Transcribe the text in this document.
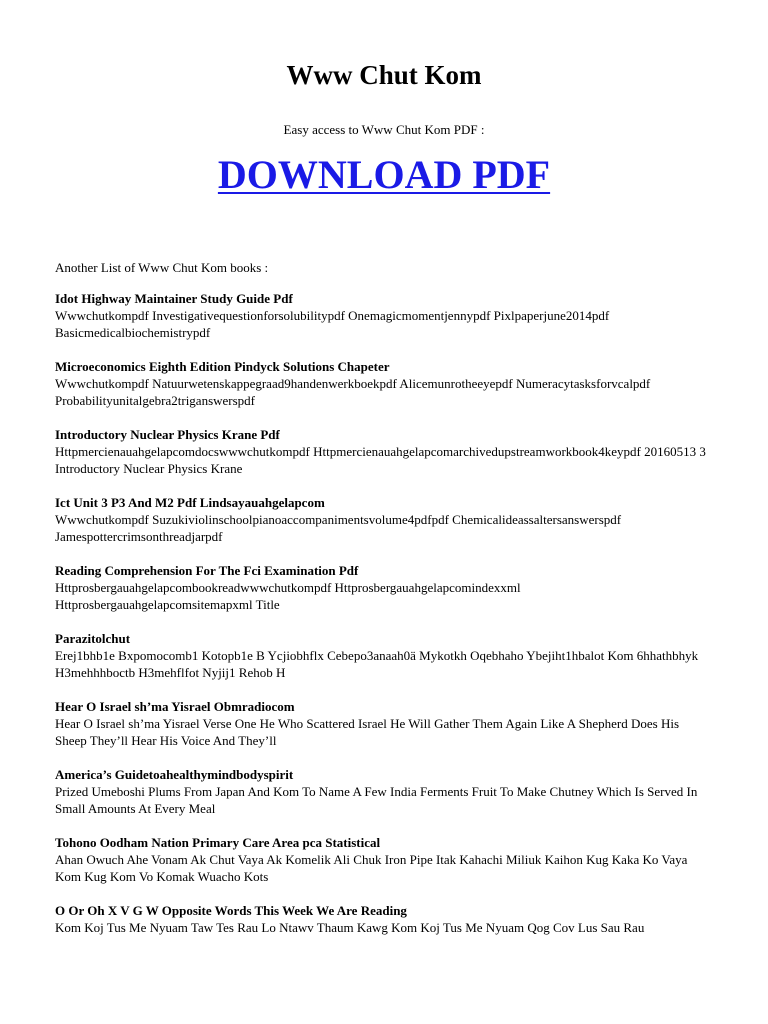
Www Chut Kom
Easy access to Www Chut Kom PDF :
DOWNLOAD PDF
Another List of Www Chut Kom books :
Idot Highway Maintainer Study Guide Pdf
Wwwchutkompdf Investigativequestionforsolubilitypdf Onemagicmomentjennypdf Pixlpaperjune2014pdf Basicmedicalbiochemistrypdf
Microeconomics Eighth Edition Pindyck Solutions Chapeter
Wwwchutkompdf Natuurwetenskappegraad9handenwerkboekpdf Alicemunrotheeyepdf Numeracytasksforvcalpdf Probabilityunitalgebra2triganswerspdf
Introductory Nuclear Physics Krane Pdf
Httpmercienauahgelapcomdocswwwchutkompdf Httpmercienauahgelapcomarchivedupstreamworkbook4keypdf 20160513 3 Introductory Nuclear Physics Krane
Ict Unit 3 P3 And M2 Pdf Lindsayauahgelapcom
Wwwchutkompdf Suzukiviolinschoolpianoaccompanimentsvolume4pdfpdf Chemicalideassaltersanswerspdf Jamespottercrimsonthreadjarpdf
Reading Comprehension For The Fci Examination Pdf
Httprosbergauahgelapcombookreadwwwchutkompdf Httprosbergauahgelapcomindexxml Httprosbergauahgelapcomsitemapxml Title
Parazitolchut
Erej1bhb1e Bxpomocomb1 Kotopb1e B Ycjiobhflx Cebepo3anaah0ä Mykotkh Oqebhaho Ybejiht1hbalot Kom 6hhathbhyk H3mehhhboctb H3mehflfot Nyjij1 Rehob H
Hear O Israel sh’ma Yisrael Obmradiocom
Hear O Israel sh’ma Yisrael Verse One He Who Scattered Israel He Will Gather Them Again Like A Shepherd Does His Sheep They’ll Hear His Voice And They’ll
America’s Guidetoahealthymindbodyspirit
Prized Umeboshi Plums From Japan And Kom To Name A Few India Ferments Fruit To Make Chutney Which Is Served In Small Amounts At Every Meal
Tohono Oodham Nation Primary Care Area pca Statistical
Ahan Owuch Ahe Vonam Ak Chut Vaya Ak Komelik Ali Chuk Iron Pipe Itak Kahachi Miliuk Kaihon Kug Kaka Ko Vaya Kom Kug Kom Vo Komak Wuacho Kots
O Or Oh X V G W Opposite Words This Week We Are Reading
Kom Koj Tus Me Nyuam Taw Tes Rau Lo Ntawv Thaum Kawg Kom Koj Tus Me Nyuam Qog Cov Lus Sau Rau
